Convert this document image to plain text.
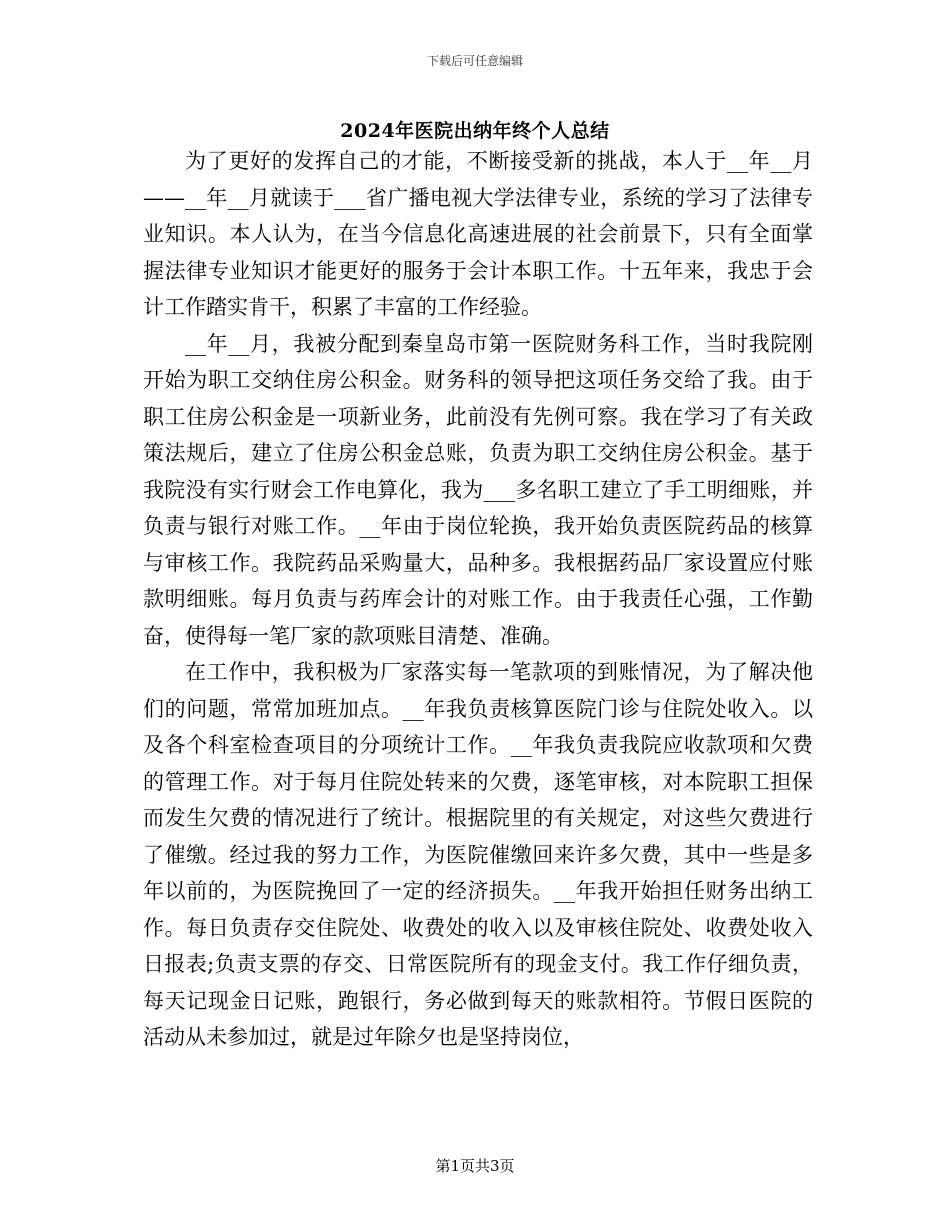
下载后可任意编辑
2024年医院出纳年终个人总结

为了更好的发挥自己的才能，不断接受新的挑战，本人于__年__月——__年__月就读于___省广播电视大学法律专业，系统的学习了法律专业知识。本人认为，在当今信息化高速进展的社会前景下，只有全面掌握法律专业知识才能更好的服务于会计本职工作。十五年来，我忠于会计工作踏实肯干，积累了丰富的工作经验。

__年__月，我被分配到秦皇岛市第一医院财务科工作，当时我院刚开始为职工交纳住房公积金。财务科的领导把这项任务交给了我。由于职工住房公积金是一项新业务，此前没有先例可察。我在学习了有关政策法规后，建立了住房公积金总账，负责为职工交纳住房公积金。基于我院没有实行财会工作电算化，我为___多名职工建立了手工明细账，并负责与银行对账工作。__年由于岗位轮换，我开始负责医院药品的核算与审核工作。我院药品采购量大，品种多。我根据药品厂家设置应付账款明细账。每月负责与药库会计的对账工作。由于我责任心强，工作勤奋，使得每一笔厂家的款项账目清楚、准确。

在工作中，我积极为厂家落实每一笔款项的到账情况，为了解决他们的问题，常常加班加点。__年我负责核算医院门诊与住院处收入。以及各个科室检查项目的分项统计工作。__年我负责我院应收款项和欠费的管理工作。对于每月住院处转来的欠费，逐笔审核，对本院职工担保而发生欠费的情况进行了统计。根据院里的有关规定，对这些欠费进行了催缴。经过我的努力工作，为医院催缴回来许多欠费，其中一些是多年以前的，为医院挽回了一定的经济损失。__年我开始担任财务出纳工作。每日负责存交住院处、收费处的收入以及审核住院处、收费处收入日报表;负责支票的存交、日常医院所有的现金支付。我工作仔细负责，每天记现金日记账，跑银行，务必做到每天的账款相符。节假日医院的活动从未参加过，就是过年除夕也是坚持岗位，

第1页共3页
